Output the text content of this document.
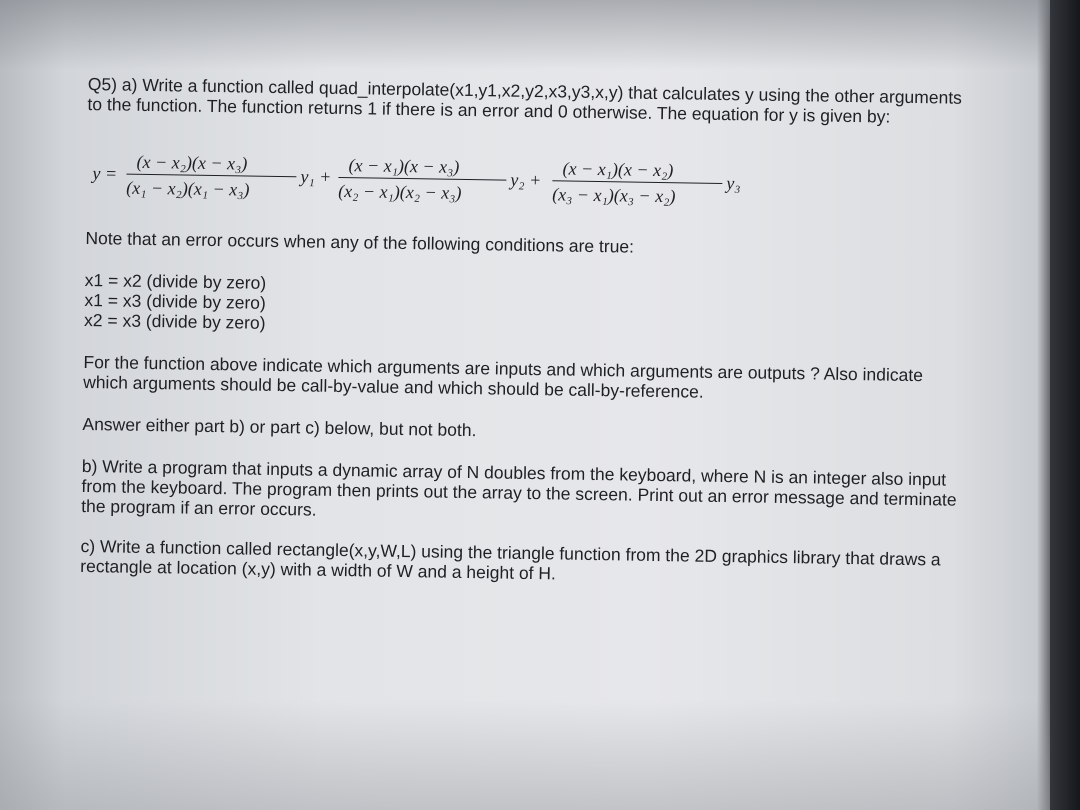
Q5) a) Write a function called quad_interpolate(x1,y1,x2,y2,x3,y3,x,y) that calculates y using the other arguments to the function. The function returns 1 if there is an error and 0 otherwise. The equation for y is given by:

y = (x − x₂)(x − x₃)
(x₁ − x₂)(x₁ − x₃)
y₁ + (x − x₁)(x − x₃)
(x₂ − x₁)(x₂ − x₃)
y₂ + (x − x₁)(x − x₂)
(x₃ − x₁)(x₃ − x₂)
y₃

Note that an error occurs when any of the following conditions are true:

x1 = x2 (divide by zero)
x1 = x3 (divide by zero)
x2 = x3 (divide by zero)

For the function above indicate which arguments are inputs and which arguments are outputs ? Also indicate which arguments should be call-by-value and which should be call-by-reference.

Answer either part b) or part c) below, but not both.

b) Write a program that inputs a dynamic array of N doubles from the keyboard, where N is an integer also input from the keyboard. The program then prints out the array to the screen. Print out an error message and terminate the program if an error occurs.

c) Write a function called rectangle(x,y,W,L) using the triangle function from the 2D graphics library that draws a rectangle at location (x,y) with a width of W and a height of H.
